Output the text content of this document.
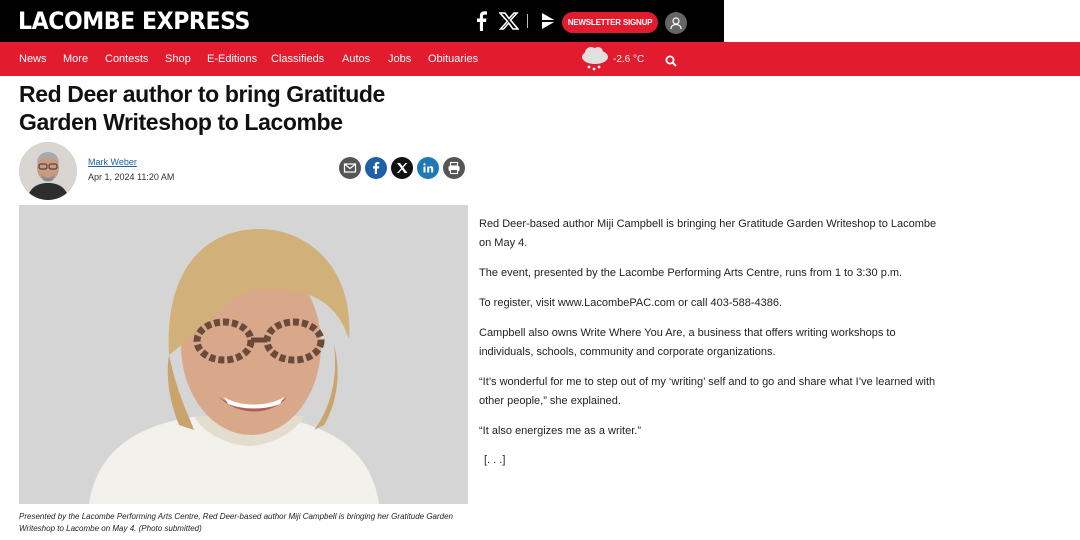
LACOMBE EXPRESS	NEWSLETTER SIGNUP
News More Contests Shop E-Editions Classifieds Autos Jobs Obituaries	-2.6 °C
Red Deer author to bring Gratitude Garden Writeshop to Lacombe
Mark Weber
Apr 1, 2024 11:20 AM
Presented by the Lacombe Performing Arts Centre, Red Deer-based author Miji Campbell is bringing her Gratitude Garden Writeshop to Lacombe on May 4. (Photo submitted)

Red Deer-based author Miji Campbell is bringing her Gratitude Garden Writeshop to Lacombe on May 4.

The event, presented by the Lacombe Performing Arts Centre, runs from 1 to 3:30 p.m.

To register, visit www.LacombePAC.com or call 403-588-4386.

Campbell also owns Write Where You Are, a business that offers writing workshops to individuals, schools, community and corporate organizations.

“It’s wonderful for me to step out of my ‘writing’ self and to go and share what I’ve learned with other people,” she explained.

“It also energizes me as a writer.”

[. . .]
